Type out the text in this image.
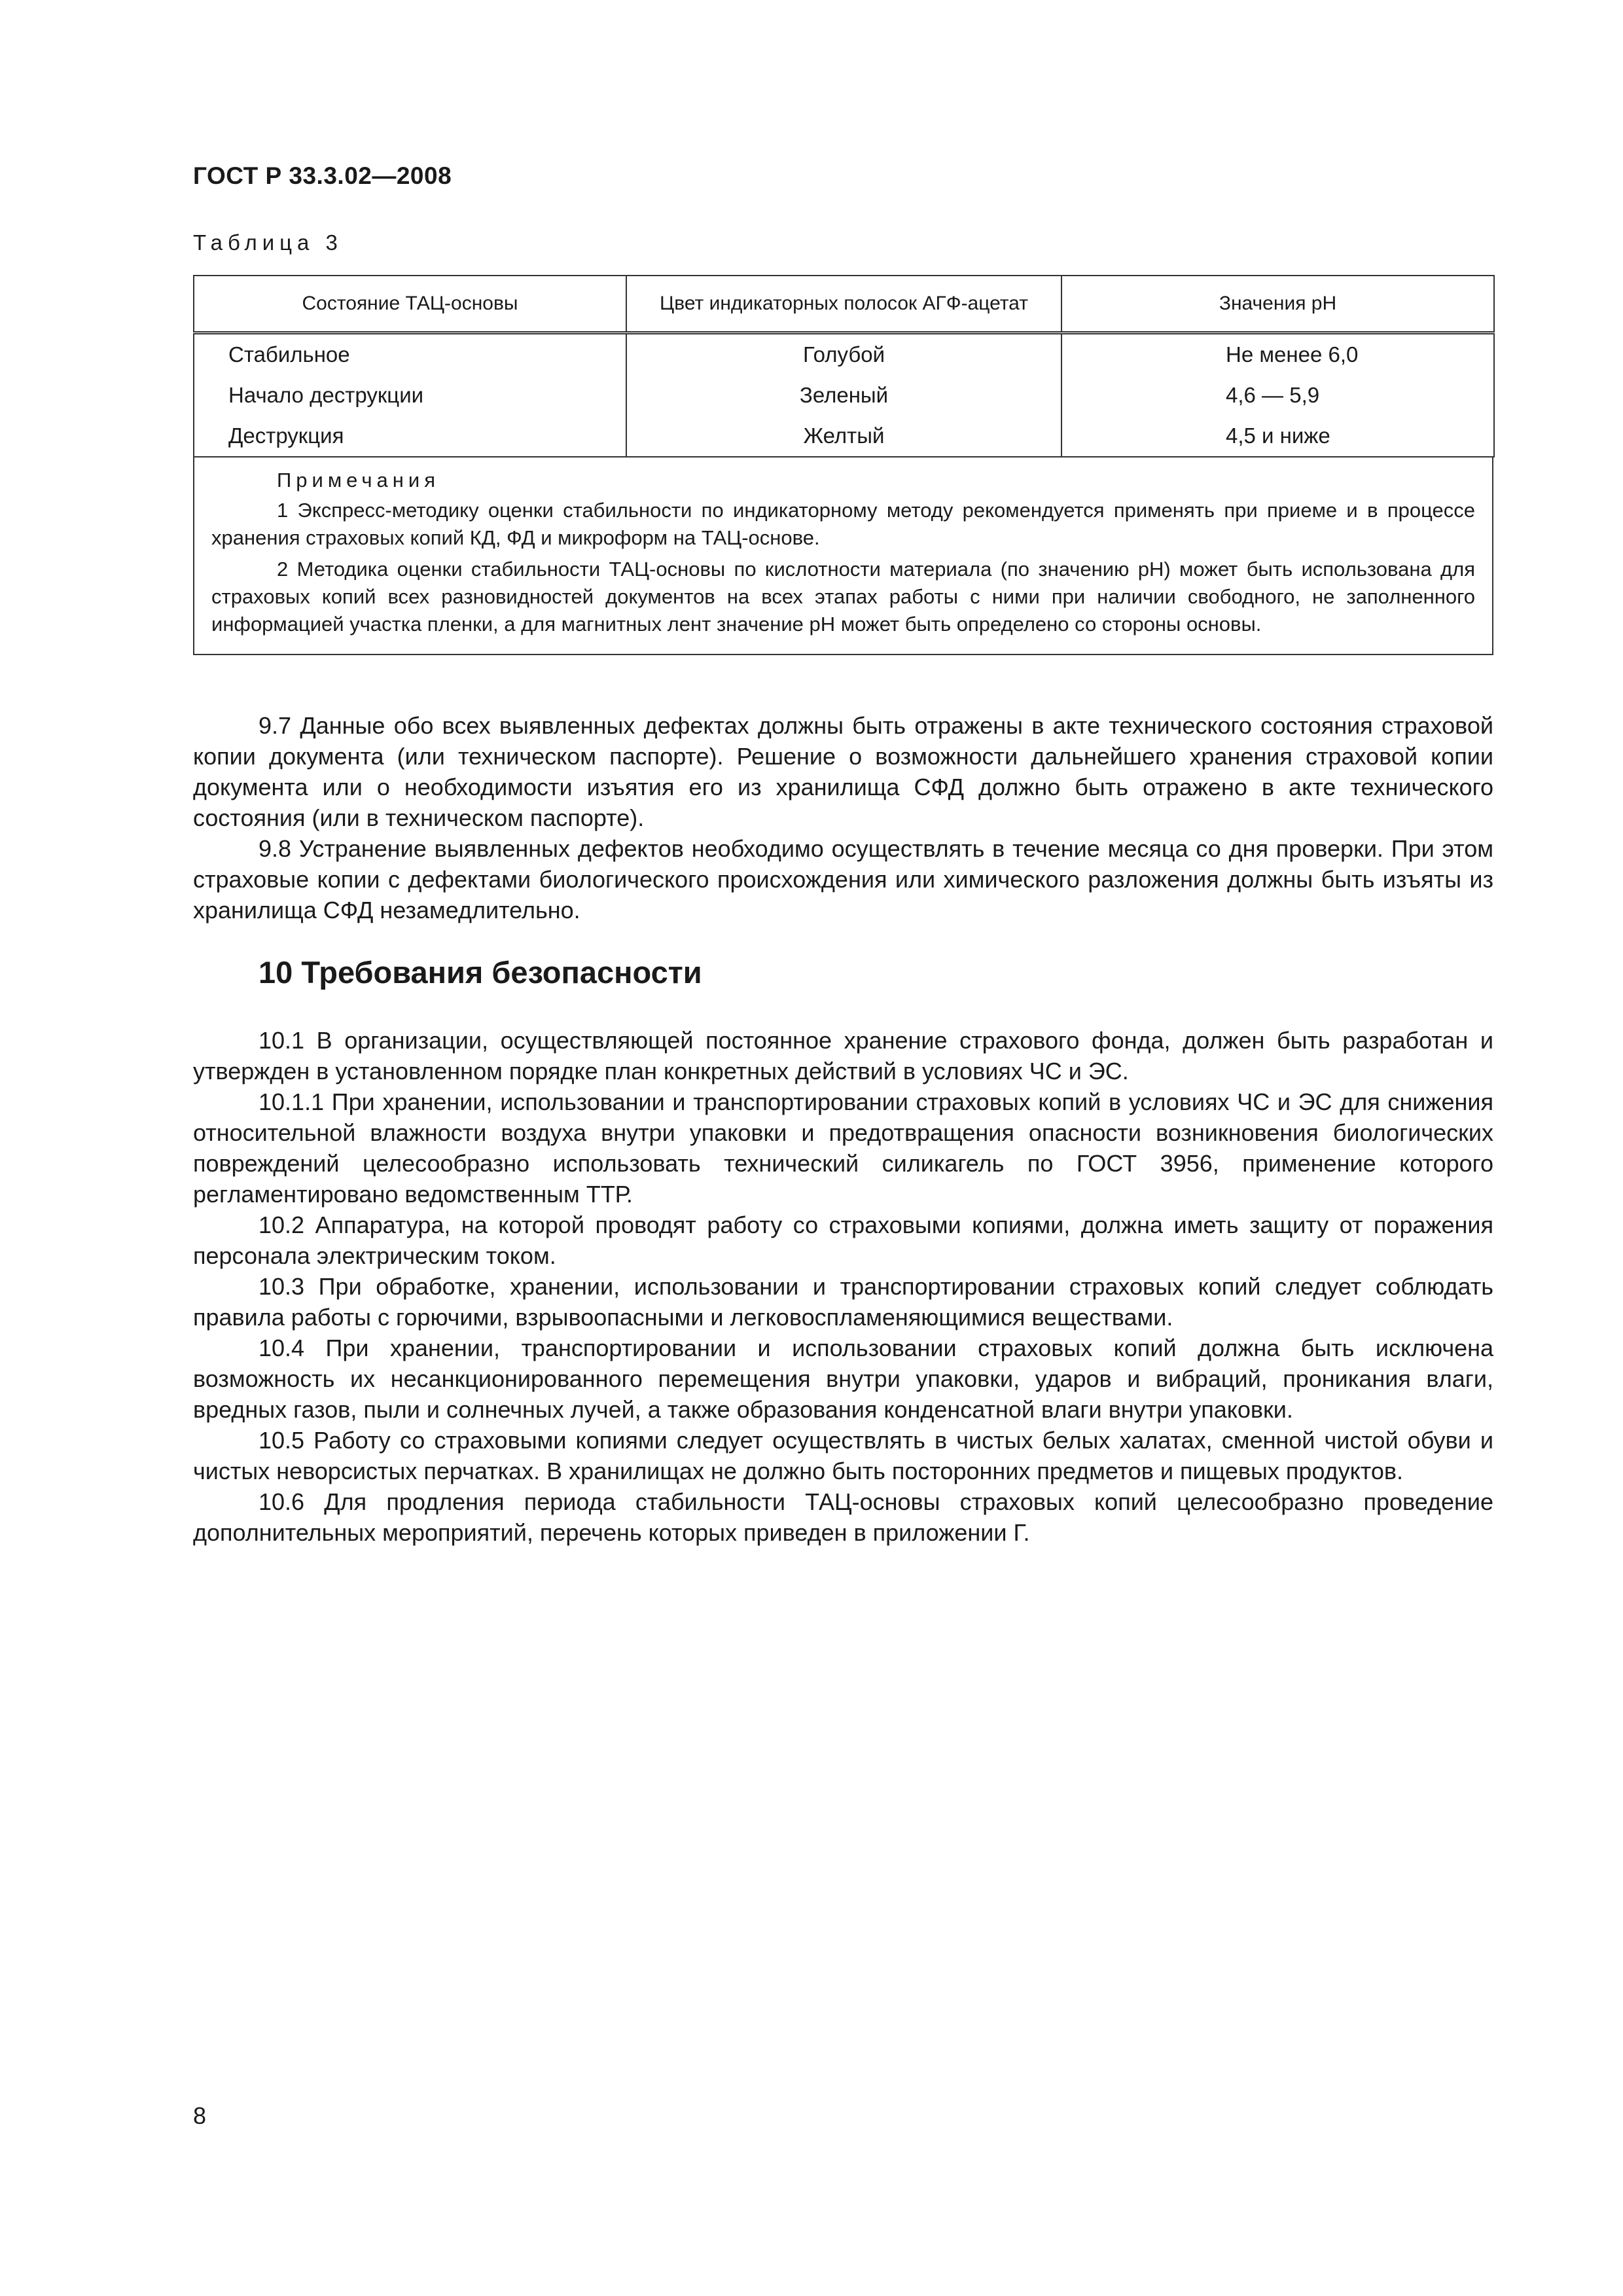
ГОСТ Р 33.3.02—2008
Таблица 3
Состояние ТАЦ-основы	Цвет индикаторных полосок АГФ-ацетат	Значения pH
Стабильное	Голубой	Не менее 6,0
Начало деструкции	Зеленый	4,6 — 5,9
Деструкция	Желтый	4,5 и ниже
Примечания

1 Экспресс-методику оценки стабильности по индикаторному методу рекомендуется применять при приеме и в процессе хранения страховых копий КД, ФД и микроформ на ТАЦ-основе.

2 Методика оценки стабильности ТАЦ-основы по кислотности материала (по значению pH) может быть использована для страховых копий всех разновидностей документов на всех этапах работы с ними при наличии свободного, не заполненного информацией участка пленки, а для магнитных лент значение pH может быть определено со стороны основы.

9.7 Данные обо всех выявленных дефектах должны быть отражены в акте технического состояния страховой копии документа (или техническом паспорте). Решение о возможности дальнейшего хранения страховой копии документа или о необходимости изъятия его из хранилища СФД должно быть отражено в акте технического состояния (или в техническом паспорте).

9.8 Устранение выявленных дефектов необходимо осуществлять в течение месяца со дня проверки. При этом страховые копии с дефектами биологического происхождения или химического разложения должны быть изъяты из хранилища СФД незамедлительно.

10 Требования безопасности

10.1 В организации, осуществляющей постоянное хранение страхового фонда, должен быть разработан и утвержден в установленном порядке план конкретных действий в условиях ЧС и ЭС.

10.1.1 При хранении, использовании и транспортировании страховых копий в условиях ЧС и ЭС для снижения относительной влажности воздуха внутри упаковки и предотвращения опасности возникновения биологических повреждений целесообразно использовать технический силикагель по ГОСТ 3956, применение которого регламентировано ведомственным ТТР.

10.2 Аппаратура, на которой проводят работу со страховыми копиями, должна иметь защиту от поражения персонала электрическим током.

10.3 При обработке, хранении, использовании и транспортировании страховых копий следует соблюдать правила работы с горючими, взрывоопасными и легковоспламеняющимися веществами.

10.4 При хранении, транспортировании и использовании страховых копий должна быть исключена возможность их несанкционированного перемещения внутри упаковки, ударов и вибраций, проникания влаги, вредных газов, пыли и солнечных лучей, а также образования конденсатной влаги внутри упаковки.

10.5 Работу со страховыми копиями следует осуществлять в чистых белых халатах, сменной чистой обуви и чистых неворсистых перчатках. В хранилищах не должно быть посторонних предметов и пищевых продуктов.

10.6 Для продления периода стабильности ТАЦ-основы страховых копий целесообразно проведение дополнительных мероприятий, перечень которых приведен в приложении Г.

8
